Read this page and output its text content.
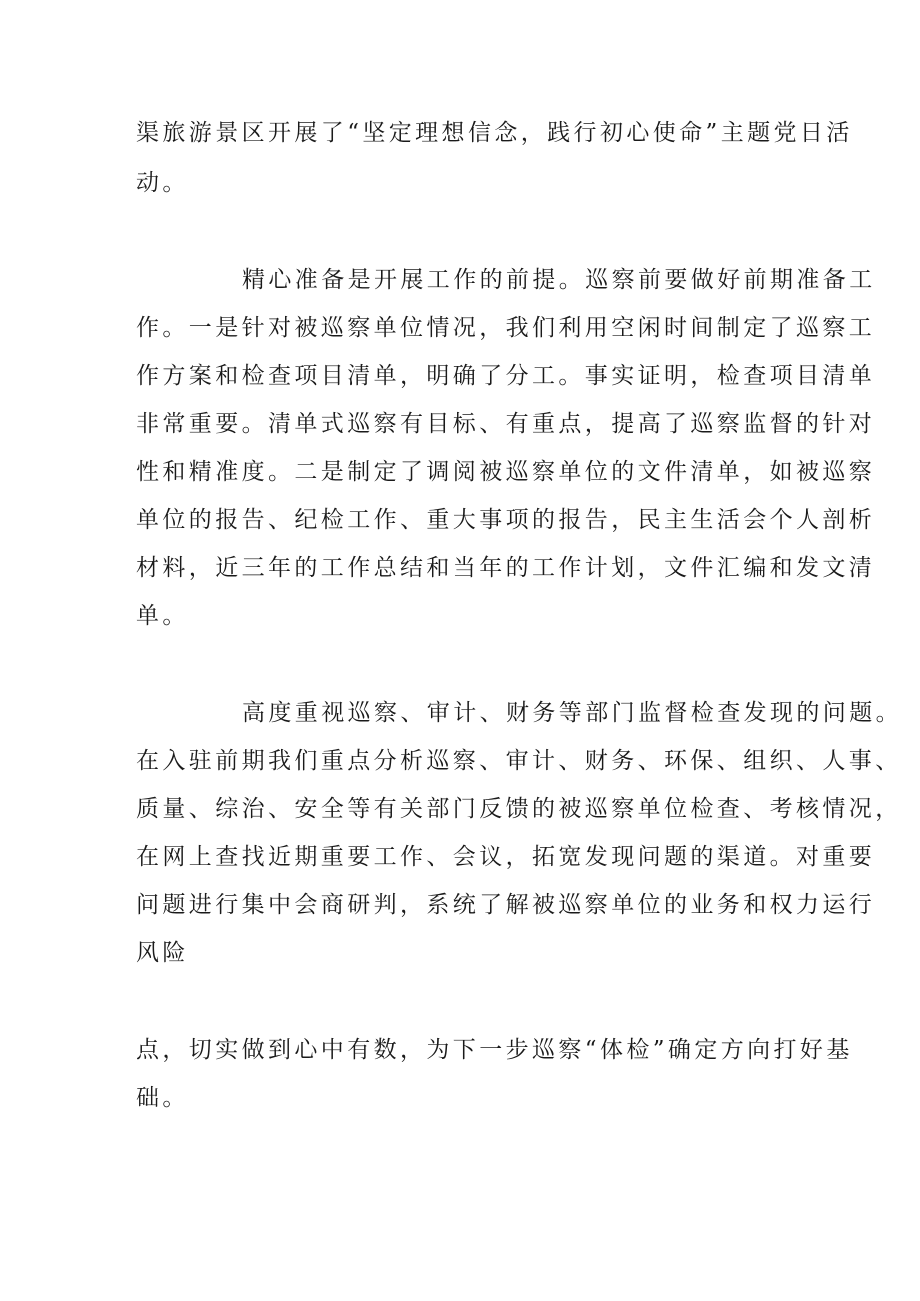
渠旅游景区开展了“坚定理想信念，践行初心使命”主题党日活

动。

精心准备是开展工作的前提。巡察前要做好前期准备工

作。一是针对被巡察单位情况，我们利用空闲时间制定了巡察工

作方案和检查项目清单，明确了分工。事实证明，检查项目清单

非常重要。清单式巡察有目标、有重点，提高了巡察监督的针对

性和精准度。二是制定了调阅被巡察单位的文件清单，如被巡察

单位的报告、纪检工作、重大事项的报告，民主生活会个人剖析

材料，近三年的工作总结和当年的工作计划，文件汇编和发文清

单。

高度重视巡察、审计、财务等部门监督检查发现的问题。

在入驻前期我们重点分析巡察、审计、财务、环保、组织、人事、

质量、综治、安全等有关部门反馈的被巡察单位检查、考核情况，

在网上查找近期重要工作、会议，拓宽发现问题的渠道。对重要

问题进行集中会商研判，系统了解被巡察单位的业务和权力运行

风险

点，切实做到心中有数，为下一步巡察“体检”确定方向打好基

础。
